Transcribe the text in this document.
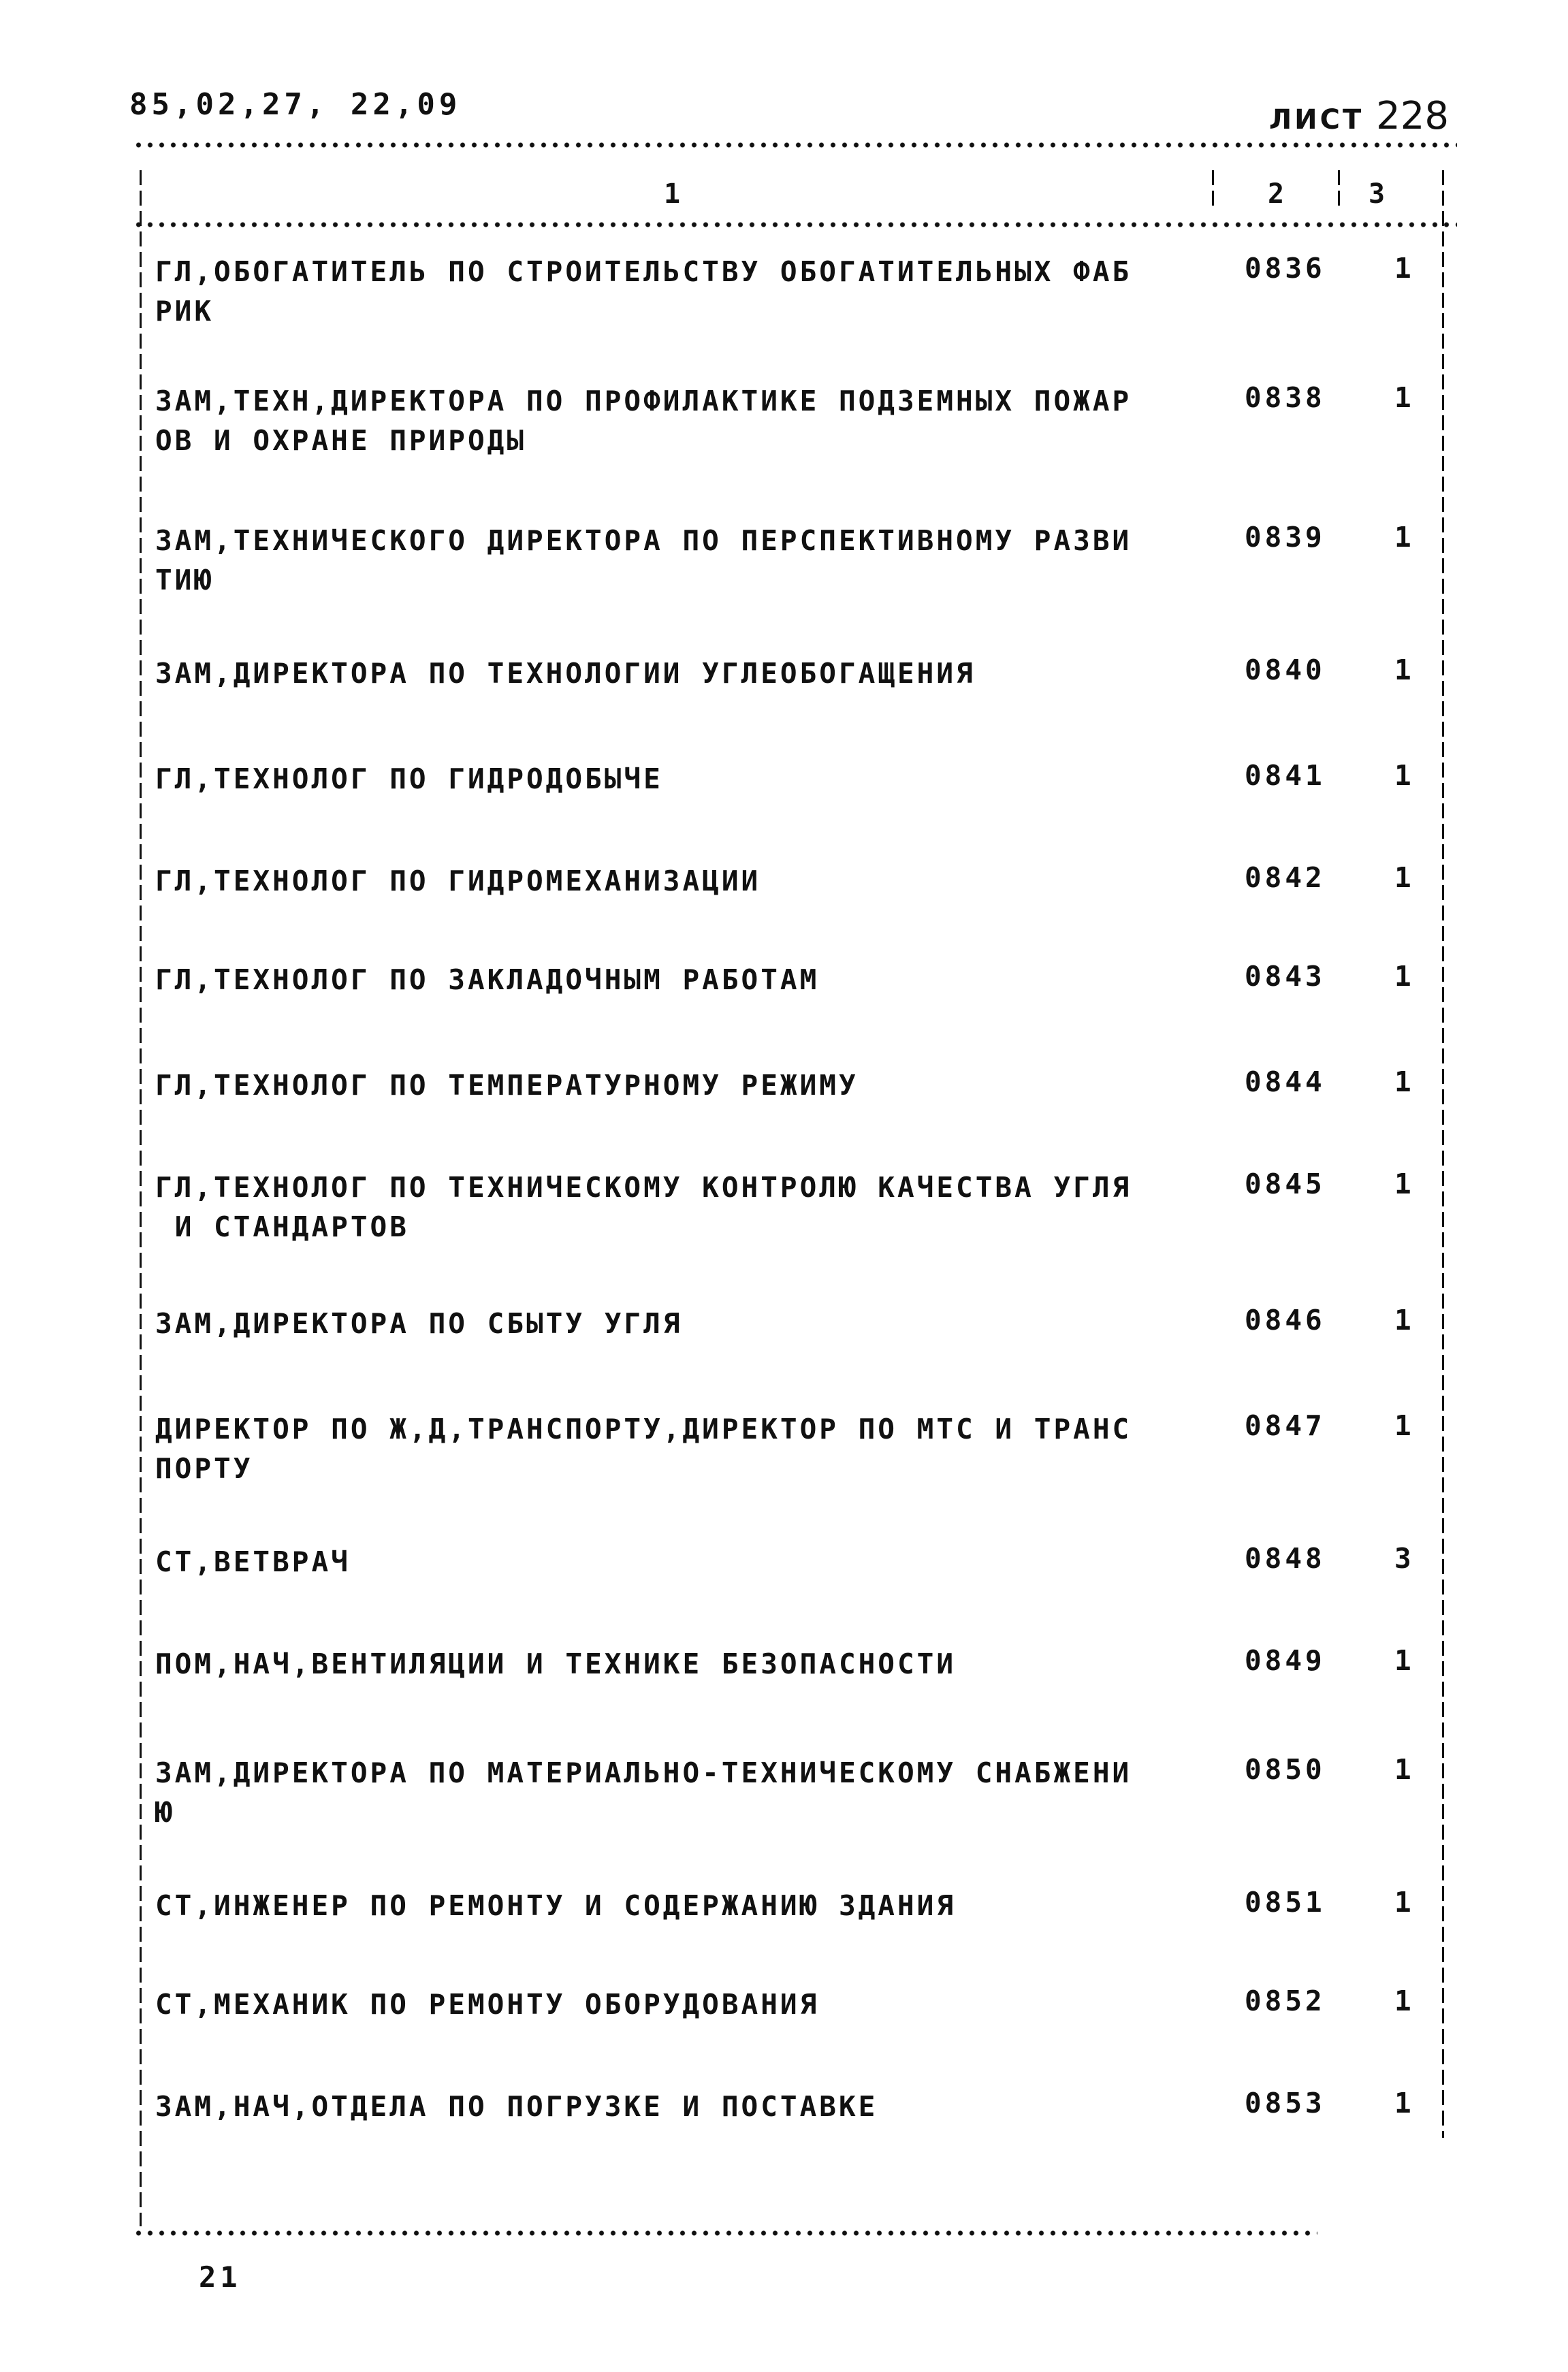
85,02,27, 22,09	ЛИСТ 228
1	2	3
ГЛ,ОБОГАТИТЕЛЬ ПО СТРОИТЕЛЬСТВУ ОБОГАТИТЕЛЬНЫХ ФАБ
РИК
0836 1
ЗАМ,ТЕХН,ДИРЕКТОРА ПО ПРОФИЛАКТИКЕ ПОДЗЕМНЫХ ПОЖАР
ОВ И ОХРАНЕ ПРИРОДЫ
0838 1
ЗАМ,ТЕХНИЧЕСКОГО ДИРЕКТОРА ПО ПЕРСПЕКТИВНОМУ РАЗВИ
ТИЮ
0839 1
ЗАМ,ДИРЕКТОРА ПО ТЕХНОЛОГИИ УГЛЕОБОГАЩЕНИЯ	0840 1
ГЛ,ТЕХНОЛОГ ПО ГИДРОДОБЫЧЕ	0841 1
ГЛ,ТЕХНОЛОГ ПО ГИДРОМЕХАНИЗАЦИИ	0842 1
ГЛ,ТЕХНОЛОГ ПО ЗАКЛАДОЧНЫМ РАБОТАМ	0843 1
ГЛ,ТЕХНОЛОГ ПО ТЕМПЕРАТУРНОМУ РЕЖИМУ	0844 1
ГЛ,ТЕХНОЛОГ ПО ТЕХНИЧЕСКОМУ КОНТРОЛЮ КАЧЕСТВА УГЛЯ
И СТАНДАРТОВ
0845 1
ЗАМ,ДИРЕКТОРА ПО СБЫТУ УГЛЯ	0846 1
ДИРЕКТОР ПО Ж,Д,ТРАНСПОРТУ,ДИРЕКТОР ПО МТС И ТРАНС
ПОРТУ
0847 1
СТ,ВЕТВРАЧ	0848 3
ПОМ,НАЧ,ВЕНТИЛЯЦИИ И ТЕХНИКЕ БЕЗОПАСНОСТИ	0849 1
ЗАМ,ДИРЕКТОРА ПО МАТЕРИАЛЬНО-ТЕХНИЧЕСКОМУ СНАБЖЕНИ
Ю
0850 1
СТ,ИНЖЕНЕР ПО РЕМОНТУ И СОДЕРЖАНИЮ ЗДАНИЯ	0851 1
СТ,МЕХАНИК ПО РЕМОНТУ ОБОРУДОВАНИЯ	0852 1
ЗАМ,НАЧ,ОТДЕЛА ПО ПОГРУЗКЕ И ПОСТАВКЕ	0853 1
21
